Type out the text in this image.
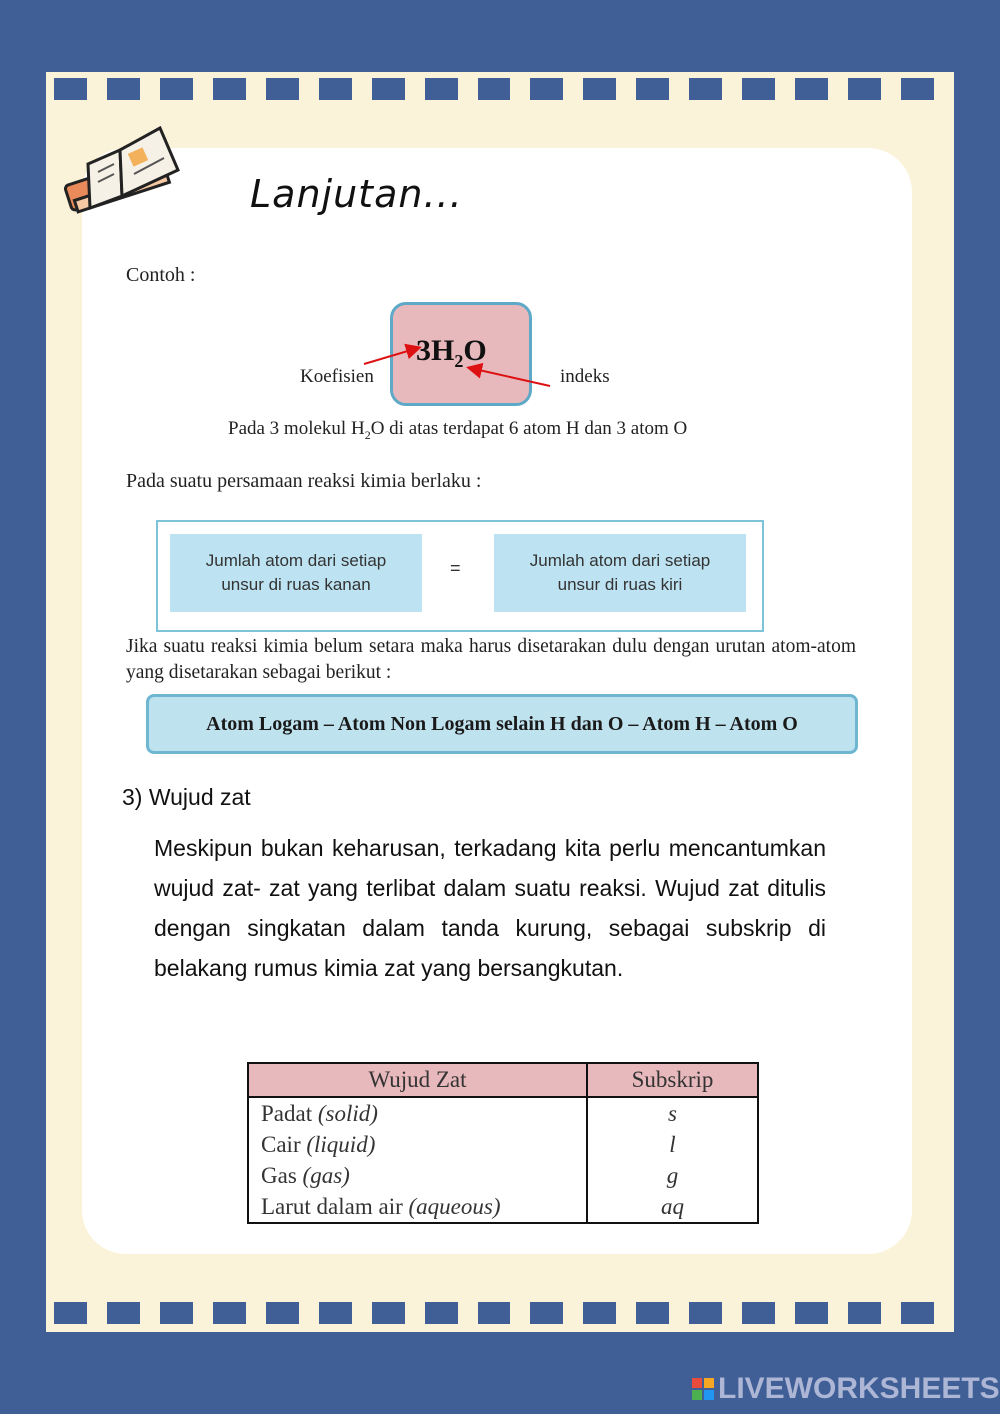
Lanjutan...
Contoh :
$3H_2O$
Koefisien	indeks
Pada 3 molekul $H_2O$ di atas terdapat 6 atom H dan 3 atom O
Pada suatu persamaan reaksi kimia berlaku :
Jumlah atom dari setiap
unsur di ruas kanan
=	Jumlah atom dari setiap
unsur di ruas kiri
Jika suatu reaksi kimia belum setara maka harus disetarakan dulu dengan urutan atom-atom yang disetarakan sebagai berikut :
Atom Logam – Atom Non Logam selain H dan O – Atom H – Atom O
3) Wujud zat
Meskipun bukan keharusan, terkadang kita perlu mencantumkan wujud zat- zat yang terlibat dalam suatu reaksi. Wujud zat ditulis dengan singkatan dalam tanda kurung, sebagai subskrip di belakang rumus kimia zat yang bersangkutan.
Wujud Zat	Subskrip
Padat (solid)	s
Cair (liquid)	l
Gas (gas)	g
Larut dalam air (aqueous)	aq
LIVEWORKSHEETS
